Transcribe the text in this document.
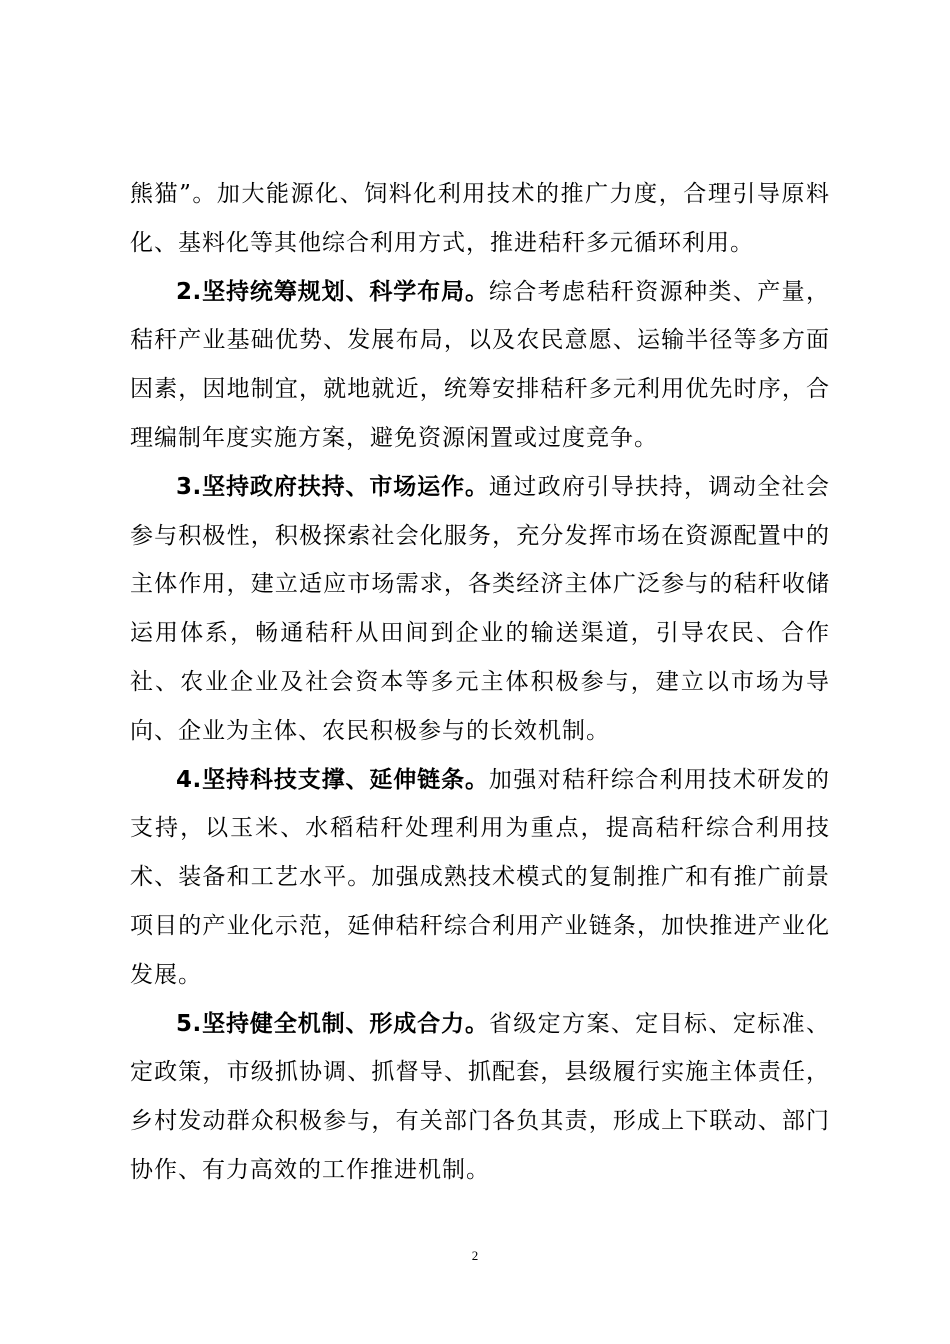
熊猫”。加大能源化、饲料化利用技术的推广力度，合理引导原料化、基料化等其他综合利用方式，推进秸秆多元循环利用。

2.坚持统筹规划、科学布局。综合考虑秸秆资源种类、产量，秸秆产业基础优势、发展布局，以及农民意愿、运输半径等多方面因素，因地制宜，就地就近，统筹安排秸秆多元利用优先时序，合理编制年度实施方案，避免资源闲置或过度竞争。

3.坚持政府扶持、市场运作。通过政府引导扶持，调动全社会参与积极性，积极探索社会化服务，充分发挥市场在资源配置中的主体作用，建立适应市场需求，各类经济主体广泛参与的秸秆收储运用体系，畅通秸秆从田间到企业的输送渠道，引导农民、合作社、农业企业及社会资本等多元主体积极参与，建立以市场为导向、企业为主体、农民积极参与的长效机制。

4.坚持科技支撑、延伸链条。加强对秸秆综合利用技术研发的支持，以玉米、水稻秸秆处理利用为重点，提高秸秆综合利用技术、装备和工艺水平。加强成熟技术模式的复制推广和有推广前景项目的产业化示范，延伸秸秆综合利用产业链条，加快推进产业化发展。

5.坚持健全机制、形成合力。省级定方案、定目标、定标准、定政策，市级抓协调、抓督导、抓配套，县级履行实施主体责任，乡村发动群众积极参与，有关部门各负其责，形成上下联动、部门协作、有力高效的工作推进机制。

2
